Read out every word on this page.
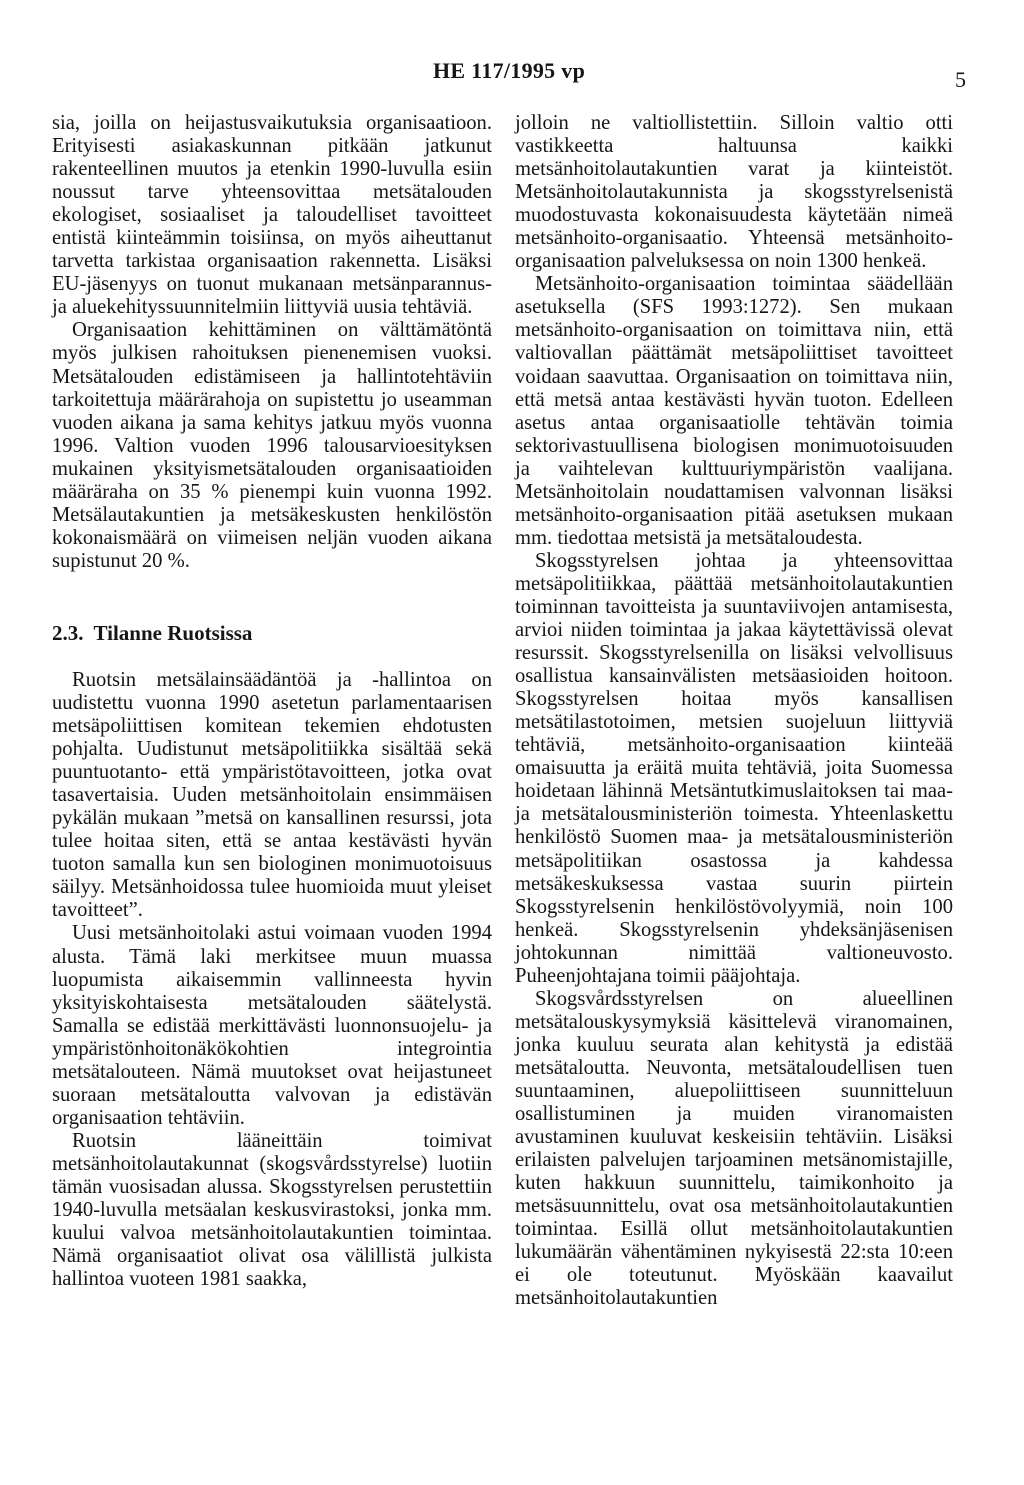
HE 117/1995 vp	5

sia, joilla on heijastusvaikutuksia organisaatioon. Erityisesti asiakaskunnan pitkään jatkunut rakenteellinen muutos ja etenkin 1990-luvulla esiin noussut tarve yhteensovittaa metsätalouden ekologiset, sosiaaliset ja taloudelliset tavoitteet entistä kiinteämmin toisiinsa, on myös aiheuttanut tarvetta tarkistaa organisaation rakennetta. Lisäksi EU-jäsenyys on tuonut mukanaan metsänparannus- ja aluekehityssuunnitelmiin liittyviä uusia tehtäviä.

Organisaation kehittäminen on välttämätöntä myös julkisen rahoituksen pienenemisen vuoksi. Metsätalouden edistämiseen ja hallintotehtäviin tarkoitettuja määrärahoja on supistettu jo useamman vuoden aikana ja sama kehitys jatkuu myös vuonna 1996. Valtion vuoden 1996 talousarvioesityksen mukainen yksityismetsätalouden organisaatioiden määräraha on 35 % pienempi kuin vuonna 1992. Metsälautakuntien ja metsäkeskusten henkilöstön kokonaismäärä on viimeisen neljän vuoden aikana supistunut 20 %.

2.3. Tilanne Ruotsissa

Ruotsin metsälainsäädäntöä ja -hallintoa on uudistettu vuonna 1990 asetetun parlamentaarisen metsäpoliittisen komitean tekemien ehdotusten pohjalta. Uudistunut metsäpolitiikka sisältää sekä puuntuotanto- että ympäristötavoitteen, jotka ovat tasavertaisia. Uuden metsänhoitolain ensimmäisen pykälän mukaan ”metsä on kansallinen resurssi, jota tulee hoitaa siten, että se antaa kestävästi hyvän tuoton samalla kun sen biologinen monimuotoisuus säilyy. Metsänhoidossa tulee huomioida muut yleiset tavoitteet”.

Uusi metsänhoitolaki astui voimaan vuoden 1994 alusta. Tämä laki merkitsee muun muassa luopumista aikaisemmin vallinneesta hyvin yksityiskohtaisesta metsätalouden säätelystä. Samalla se edistää merkittävästi luonnonsuojelu- ja ympäristönhoitonäkökohtien integrointia metsätalouteen. Nämä muutokset ovat heijastuneet suoraan metsätaloutta valvovan ja edistävän organisaation tehtäviin.

Ruotsin lääneittäin toimivat metsänhoitolautakunnat (skogsvårdsstyrelse) luotiin tämän vuosisadan alussa. Skogsstyrelsen perustettiin 1940-luvulla metsäalan keskusvirastoksi, jonka mm. kuului valvoa metsänhoitolautakuntien toimintaa. Nämä organisaatiot olivat osa välillistä julkista hallintoa vuoteen 1981 saakka,

jolloin ne valtiollistettiin. Silloin valtio otti vastikkeetta haltuunsa kaikki metsänhoitolautakuntien varat ja kiinteistöt. Metsänhoitolautakunnista ja skogsstyrelsenistä muodostuvasta kokonaisuudesta käytetään nimeä metsänhoito-organisaatio. Yhteensä metsänhoito-organisaation palveluksessa on noin 1300 henkeä.

Metsänhoito-organisaation toimintaa säädellään asetuksella (SFS 1993:1272). Sen mukaan metsänhoito-organisaation on toimittava niin, että valtiovallan päättämät metsäpoliittiset tavoitteet voidaan saavuttaa. Organisaation on toimittava niin, että metsä antaa kestävästi hyvän tuoton. Edelleen asetus antaa organisaatiolle tehtävän toimia sektorivastuullisena biologisen monimuotoisuuden ja vaihtelevan kulttuuriympäristön vaalijana. Metsänhoitolain noudattamisen valvonnan lisäksi metsänhoito-organisaation pitää asetuksen mukaan mm. tiedottaa metsistä ja metsätaloudesta.

Skogsstyrelsen johtaa ja yhteensovittaa metsäpolitiikkaa, päättää metsänhoitolautakuntien toiminnan tavoitteista ja suuntaviivojen antamisesta, arvioi niiden toimintaa ja jakaa käytettävissä olevat resurssit. Skogsstyrelsenilla on lisäksi velvollisuus osallistua kansainvälisten metsäasioiden hoitoon. Skogsstyrelsen hoitaa myös kansallisen metsätilastotoimen, metsien suojeluun liittyviä tehtäviä, metsänhoito-organisaation kiinteää omaisuutta ja eräitä muita tehtäviä, joita Suomessa hoidetaan lähinnä Metsäntutkimuslaitoksen tai maa- ja metsätalousministeriön toimesta. Yhteenlaskettu henkilöstö Suomen maa- ja metsätalousministeriön metsäpolitiikan osastossa ja kahdessa metsäkeskuksessa vastaa suurin piirtein Skogsstyrelsenin henkilöstövolyymiä, noin 100 henkeä. Skogsstyrelsenin yhdeksänjäsenisen johtokunnan nimittää valtioneuvosto. Puheenjohtajana toimii pääjohtaja.

Skogsvårdsstyrelsen on alueellinen metsätalouskysymyksiä käsittelevä viranomainen, jonka kuuluu seurata alan kehitystä ja edistää metsätaloutta. Neuvonta, metsätaloudellisen tuen suuntaaminen, aluepoliittiseen suunnitteluun osallistuminen ja muiden viranomaisten avustaminen kuuluvat keskeisiin tehtäviin. Lisäksi erilaisten palvelujen tarjoaminen metsänomistajille, kuten hakkuun suunnittelu, taimikonhoito ja metsäsuunnittelu, ovat osa metsänhoitolautakuntien toimintaa. Esillä ollut metsänhoitolautakuntien lukumäärän vähentäminen nykyisestä 22:sta 10:een ei ole toteutunut. Myöskään kaavailut metsänhoitolautakuntien
